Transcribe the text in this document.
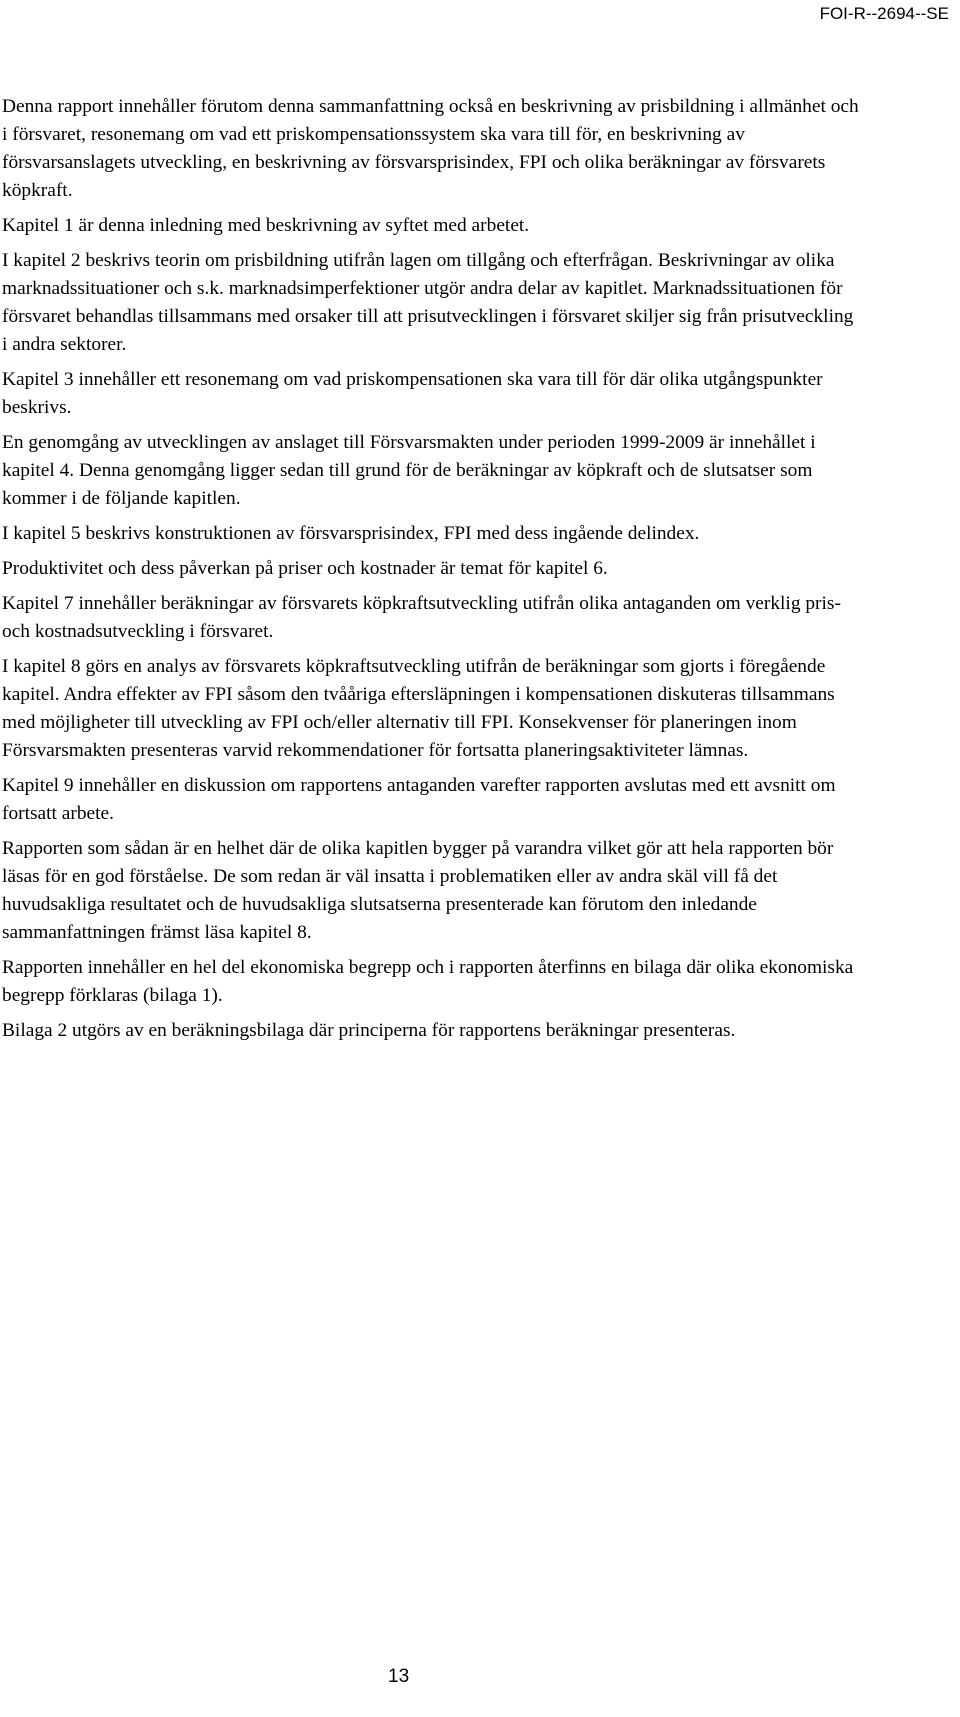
FOI-R--2694--SE

Denna rapport innehåller förutom denna sammanfattning också en beskrivning av prisbildning i allmänhet och i försvaret, resonemang om vad ett priskompensationssystem ska vara till för, en beskrivning av försvarsanslagets utveckling, en beskrivning av försvarsprisindex, FPI och olika beräkningar av försvarets köpkraft.

Kapitel 1 är denna inledning med beskrivning av syftet med arbetet.

I kapitel 2 beskrivs teorin om prisbildning utifrån lagen om tillgång och efterfrågan. Beskrivningar av olika marknadssituationer och s.k. marknadsimperfektioner utgör andra delar av kapitlet. Marknadssituationen för försvaret behandlas tillsammans med orsaker till att prisutvecklingen i försvaret skiljer sig från prisutveckling i andra sektorer.

Kapitel 3 innehåller ett resonemang om vad priskompensationen ska vara till för där olika utgångspunkter beskrivs.

En genomgång av utvecklingen av anslaget till Försvarsmakten under perioden 1999-2009 är innehållet i kapitel 4. Denna genomgång ligger sedan till grund för de beräkningar av köpkraft och de slutsatser som kommer i de följande kapitlen.

I kapitel 5 beskrivs konstruktionen av försvarsprisindex, FPI med dess ingående delindex.

Produktivitet och dess påverkan på priser och kostnader är temat för kapitel 6.

Kapitel 7 innehåller beräkningar av försvarets köpkraftsutveckling utifrån olika antaganden om verklig pris- och kostnadsutveckling i försvaret.

I kapitel 8 görs en analys av försvarets köpkraftsutveckling utifrån de beräkningar som gjorts i föregående kapitel. Andra effekter av FPI såsom den tvååriga eftersläpningen i kompensationen diskuteras tillsammans med möjligheter till utveckling av FPI och/eller alternativ till FPI. Konsekvenser för planeringen inom Försvarsmakten presenteras varvid rekommendationer för fortsatta planeringsaktiviteter lämnas.

Kapitel 9 innehåller en diskussion om rapportens antaganden varefter rapporten avslutas med ett avsnitt om fortsatt arbete.

Rapporten som sådan är en helhet där de olika kapitlen bygger på varandra vilket gör att hela rapporten bör läsas för en god förståelse. De som redan är väl insatta i problematiken eller av andra skäl vill få det huvudsakliga resultatet och de huvudsakliga slutsatserna presenterade kan förutom den inledande sammanfattningen främst läsa kapitel 8.

Rapporten innehåller en hel del ekonomiska begrepp och i rapporten återfinns en bilaga där olika ekonomiska begrepp förklaras (bilaga 1).

Bilaga 2 utgörs av en beräkningsbilaga där principerna för rapportens beräkningar presenteras.

13
